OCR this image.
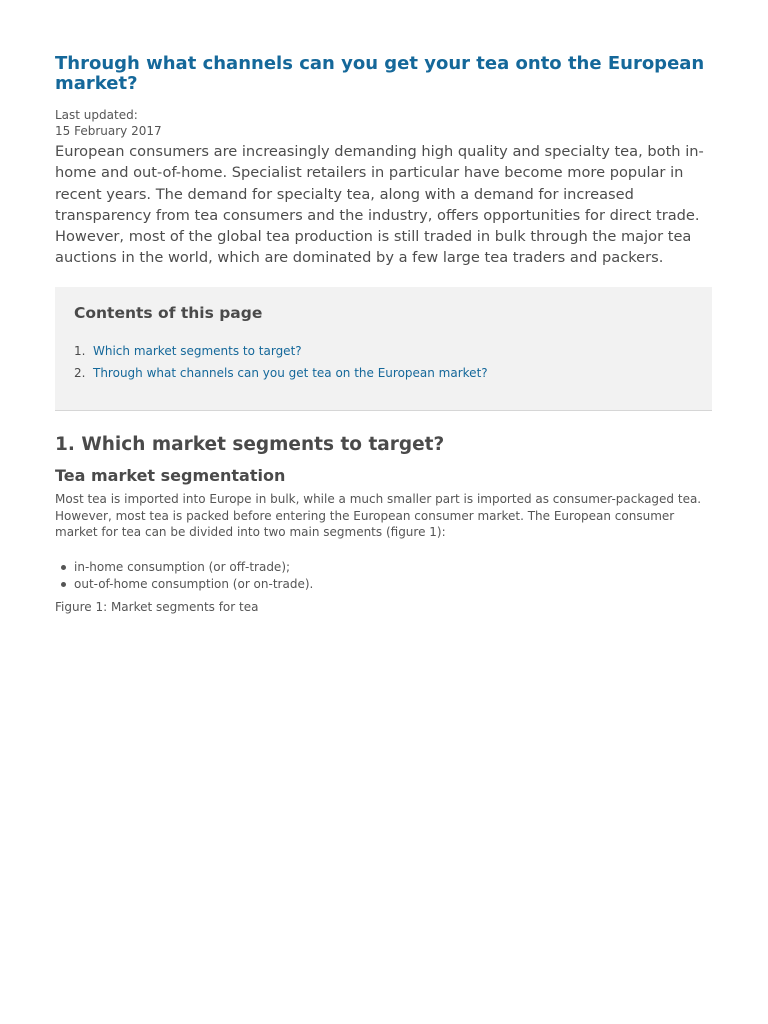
Through what channels can you get your tea onto the European market?
Last updated:
15 February 2017

European consumers are increasingly demanding high quality and specialty tea, both in-home and out-of-home. Specialist retailers in particular have become more popular in recent years. The demand for specialty tea, along with a demand for increased transparency from tea consumers and the industry, offers opportunities for direct trade. However, most of the global tea production is still traded in bulk through the major tea auctions in the world, which are dominated by a few large tea traders and packers.

Contents of this page
1. Which market segments to target?
2. Through what channels can you get tea on the European market?
1. Which market segments to target?
Tea market segmentation

Most tea is imported into Europe in bulk, while a much smaller part is imported as consumer-packaged tea. However, most tea is packed before entering the European consumer market. The European consumer market for tea can be divided into two main segments (figure 1):

in-home consumption (or off-trade);
out-of-home consumption (or on-trade).

Figure 1: Market segments for tea
